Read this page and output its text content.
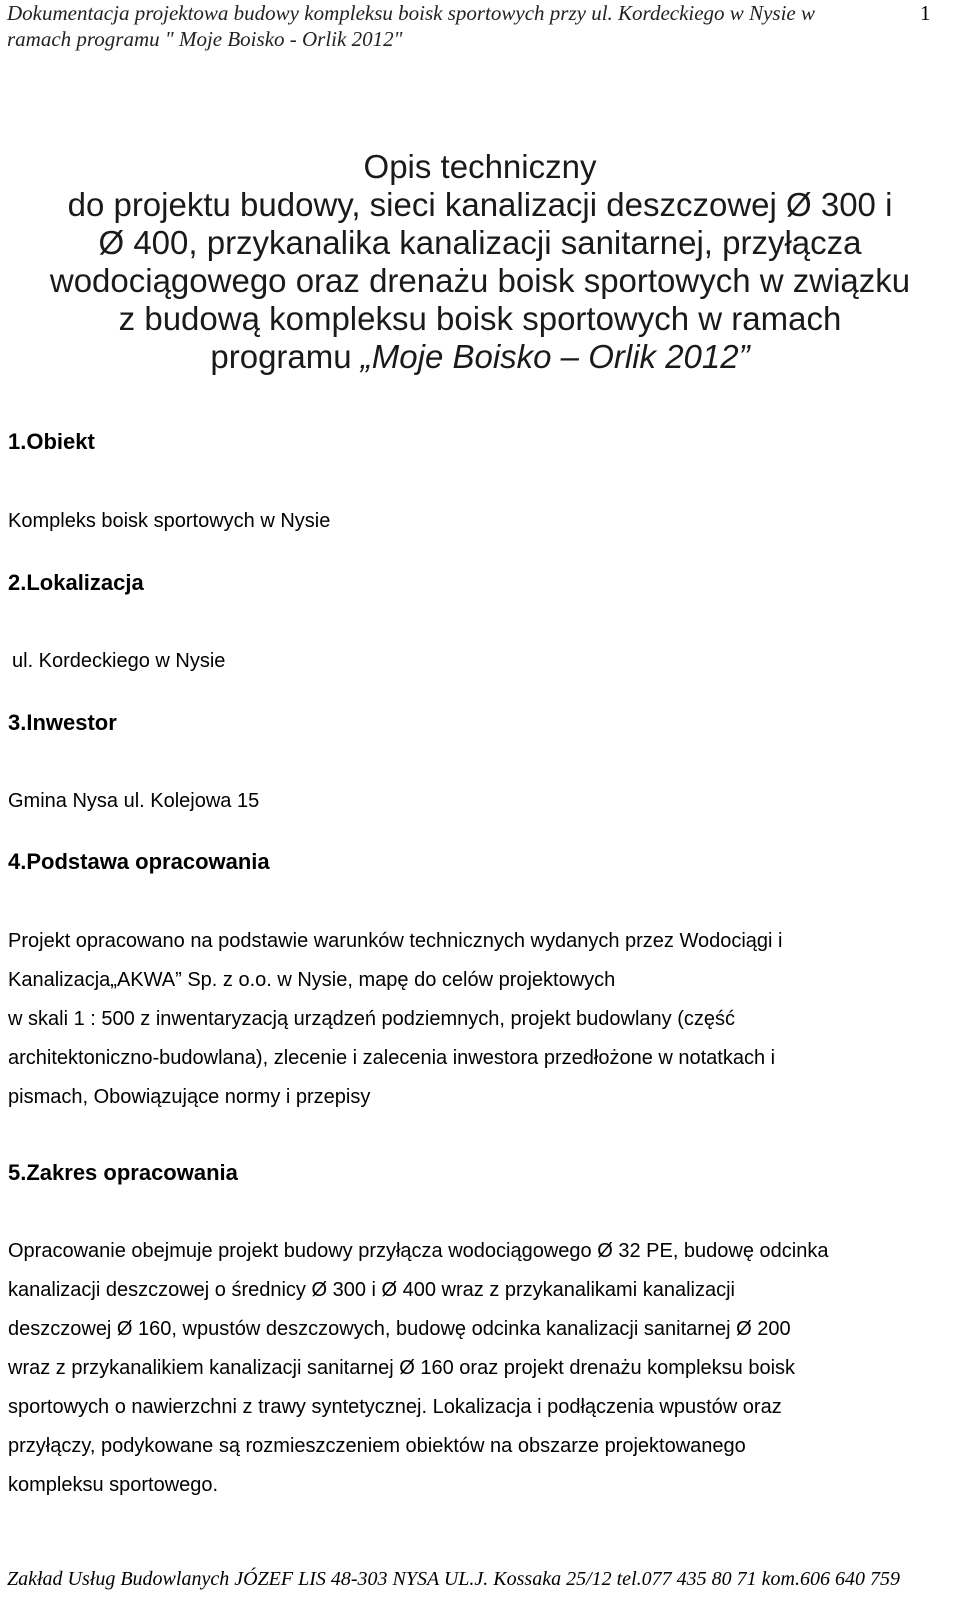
Dokumentacja projektowa budowy kompleksu boisk sportowych przy ul. Kordeckiego w Nysie w
ramach programu " Moje Boisko - Orlik 2012"
1
Opis techniczny
do projektu budowy, sieci kanalizacji deszczowej Ø 300 i
Ø 400, przykanalika kanalizacji sanitarnej, przyłącza
wodociągowego oraz drenażu boisk sportowych w związku
z budową kompleksu boisk sportowych w ramach
programu „Moje Boisko – Orlik 2012”
1.Obiekt
Kompleks boisk sportowych w Nysie
2.Lokalizacja
ul. Kordeckiego w Nysie
3.Inwestor
Gmina Nysa ul. Kolejowa 15
4.Podstawa opracowania
Projekt opracowano na podstawie warunków technicznych wydanych przez Wodociągi i
Kanalizacja„AKWA” Sp. z o.o. w Nysie, mapę do celów projektowych
w skali 1 : 500 z inwentaryzacją urządzeń podziemnych, projekt budowlany (część
architektoniczno-budowlana), zlecenie i zalecenia inwestora przedłożone w notatkach i
pismach, Obowiązujące normy i przepisy
5.Zakres opracowania
Opracowanie obejmuje projekt budowy przyłącza wodociągowego Ø 32 PE, budowę odcinka
kanalizacji deszczowej o średnicy Ø 300 i Ø 400 wraz z przykanalikami kanalizacji
deszczowej Ø 160, wpustów deszczowych, budowę odcinka kanalizacji sanitarnej Ø 200
wraz z przykanalikiem kanalizacji sanitarnej Ø 160 oraz projekt drenażu kompleksu boisk
sportowych o nawierzchni z trawy syntetycznej. Lokalizacja i podłączenia wpustów oraz
przyłączy, podykowane są rozmieszczeniem obiektów na obszarze projektowanego
kompleksu sportowego.
Zakład Usług Budowlanych JÓZEF LIS 48-303 NYSA UL.J. Kossaka 25/12 tel.077 435 80 71 kom.606 640 759
